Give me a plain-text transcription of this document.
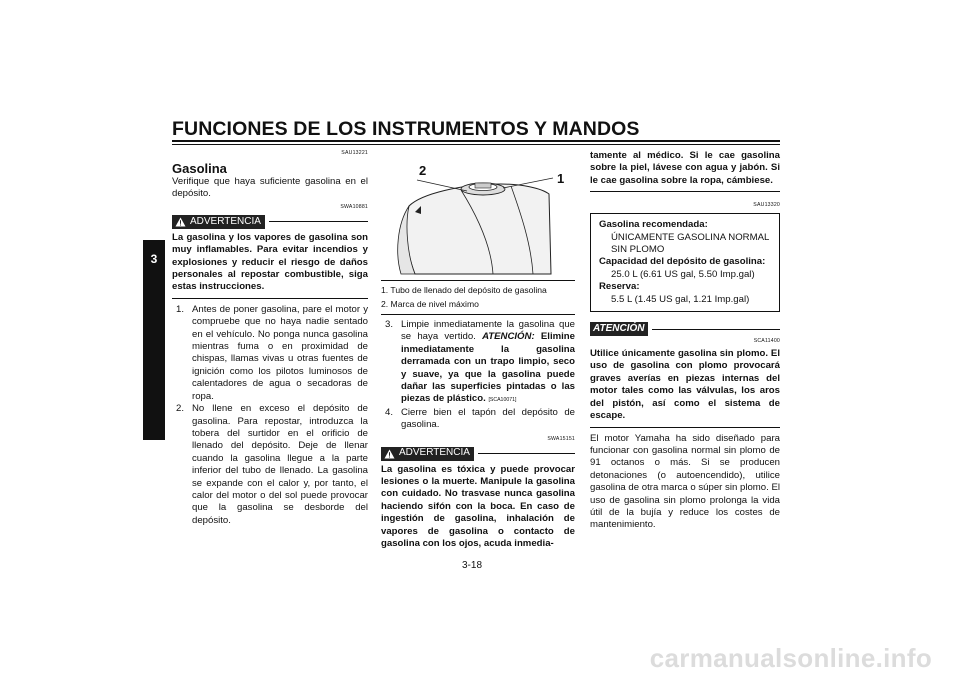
FUNCIONES DE LOS INSTRUMENTOS Y MANDOS
3
SAU13221
Gasolina
Verifique que haya suficiente gasolina en el depósito.
SWA10881
ADVERTENCIA
La gasolina y los vapores de gasolina son muy inflamables. Para evitar incendios y explosiones y reducir el riesgo de daños personales al repostar combustible, siga estas instrucciones.
1. Antes de poner gasolina, pare el motor y compruebe que no haya nadie sentado en el vehículo. No ponga nunca gasolina mientras fuma o en proximidad de chispas, llamas vivas u otras fuentes de ignición como los pilotos luminosos de calentadores de agua o secadoras de ropa.
2. No llene en exceso el depósito de gasolina. Para repostar, introduzca la tobera del surtidor en el orificio de llenado del depósito. Deje de llenar cuando la gasolina llegue a la parte inferior del tubo de llenado. La gasolina se expande con el calor y, por tanto, el calor del motor o del sol puede provocar que la gasolina se desborde del depósito.
2
1
1. Tubo de llenado del depósito de gasolina
2. Marca de nivel máximo
3. Limpie inmediatamente la gasolina que se haya vertido. ATENCIÓN: Elimine inmediatamente la gasolina derramada con un trapo limpio, seco y suave, ya que la gasolina puede dañar las superficies pintadas o las piezas de plástico. [SCA10071]
4. Cierre bien el tapón del depósito de gasolina.
SWA15151
ADVERTENCIA
La gasolina es tóxica y puede provocar lesiones o la muerte. Manipule la gasolina con cuidado. No trasvase nunca gasolina haciendo sifón con la boca. En caso de ingestión de gasolina, inhalación de vapores de gasolina o contacto de gasolina con los ojos, acuda inmedia-
tamente al médico. Si le cae gasolina sobre la piel, lávese con agua y jabón. Si le cae gasolina sobre la ropa, cámbiese.
SAU13320
Gasolina recomendada:
ÚNICAMENTE GASOLINA NORMAL SIN PLOMO
Capacidad del depósito de gasolina:
25.0 L (6.61 US gal, 5.50 Imp.gal)
Reserva:
5.5 L (1.45 US gal, 1.21 Imp.gal)
ATENCIÓN
SCA11400
Utilice únicamente gasolina sin plomo. El uso de gasolina con plomo provocará graves averías en piezas internas del motor tales como las válvulas, los aros del pistón, así como el sistema de escape.
El motor Yamaha ha sido diseñado para funcionar con gasolina normal sin plomo de 91 octanos o más. Si se producen detonaciones (o autoencendido), utilice gasolina de otra marca o súper sin plomo. El uso de gasolina sin plomo prolonga la vida útil de la bujía y reduce los costes de mantenimiento.
3-18
carmanualsonline.info
